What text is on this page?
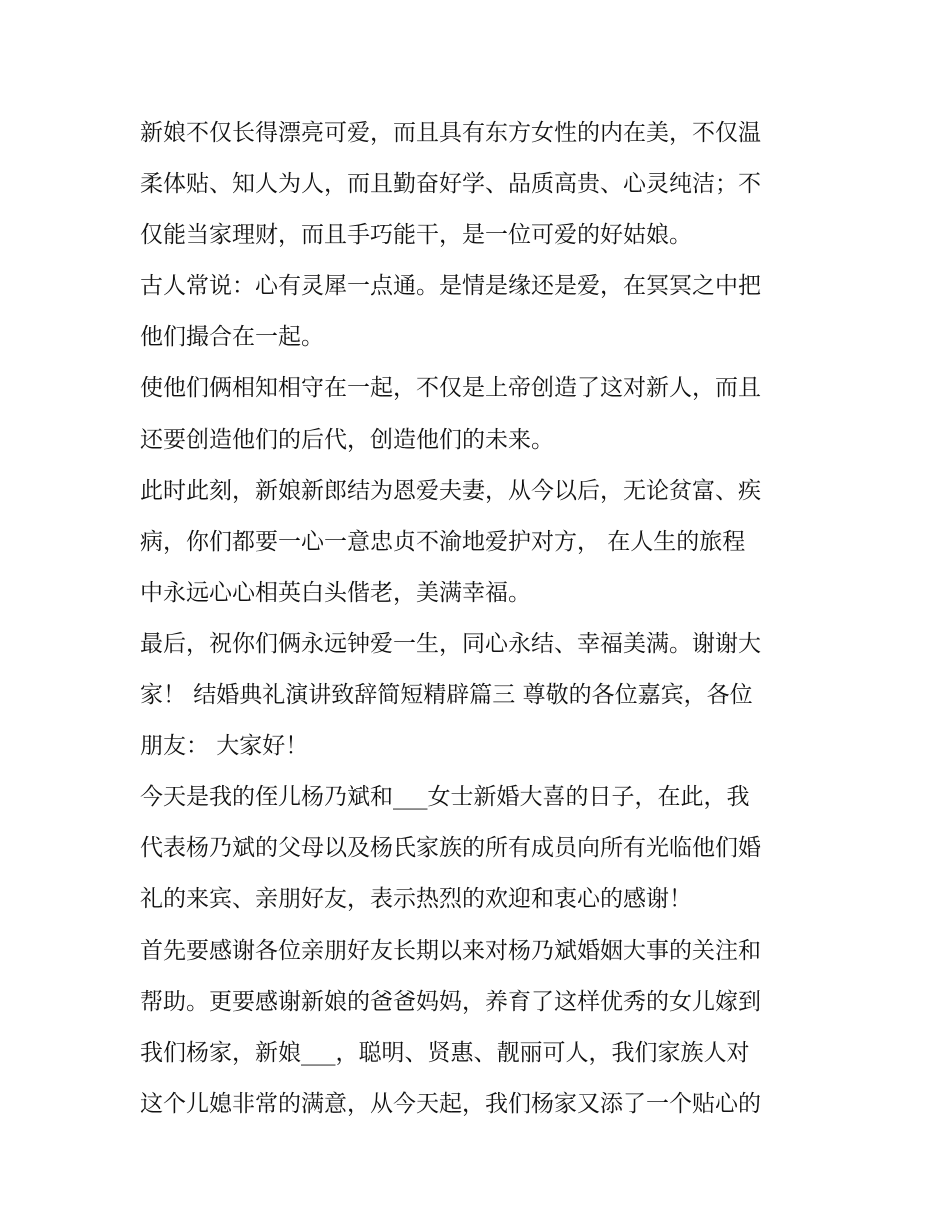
新娘不仅长得漂亮可爱，而且具有东方女性的内在美，不仅温
柔体贴、知人为人，而且勤奋好学、品质高贵、心灵纯洁；不
仅能当家理财，而且手巧能干，是一位可爱的好姑娘。
古人常说：心有灵犀一点通。是情是缘还是爱，在冥冥之中把
他们撮合在一起。
使他们俩相知相守在一起，不仅是上帝创造了这对新人，而且
还要创造他们的后代，创造他们的未来。
此时此刻，新娘新郎结为恩爱夫妻，从今以后，无论贫富、疾
病，你们都要一心一意忠贞不渝地爱护对方， 在人生的旅程
中永远心心相英白头偕老，美满幸福。
最后，祝你们俩永远钟爱一生，同心永结、幸福美满。谢谢大
家！ 结婚典礼演讲致辞简短精辟篇三 尊敬的各位嘉宾，各位
朋友： 大家好！
今天是我的侄儿杨乃斌和___女士新婚大喜的日子，在此，我
代表杨乃斌的父母以及杨氏家族的所有成员向所有光临他们婚
礼的来宾、亲朋好友，表示热烈的欢迎和衷心的感谢！
首先要感谢各位亲朋好友长期以来对杨乃斌婚姻大事的关注和
帮助。更要感谢新娘的爸爸妈妈，养育了这样优秀的女儿嫁到
我们杨家，新娘___，聪明、贤惠、靓丽可人，我们家族人对
这个儿媳非常的满意，从今天起，我们杨家又添了一个贴心的
